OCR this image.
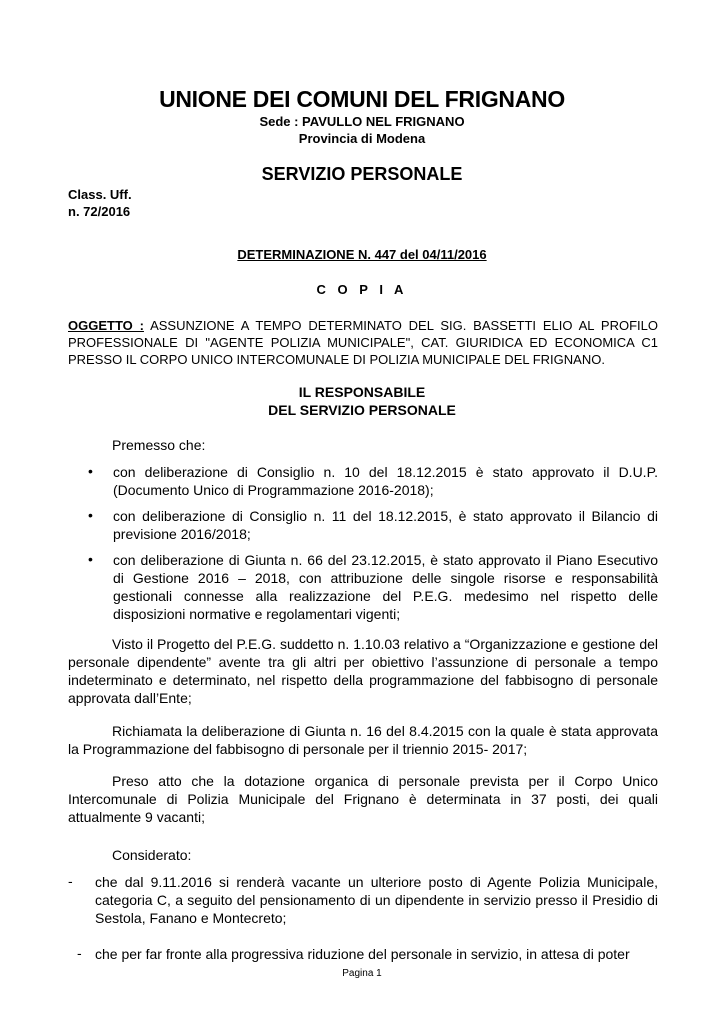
UNIONE DEI COMUNI DEL FRIGNANO
Sede : PAVULLO NEL FRIGNANO
Provincia di Modena
SERVIZIO PERSONALE
Class. Uff.
n. 72/2016
DETERMINAZIONE N. 447 del 04/11/2016
C O P I A
OGGETTO : ASSUNZIONE A TEMPO DETERMINATO DEL SIG. BASSETTI ELIO AL PROFILO PROFESSIONALE DI "AGENTE POLIZIA MUNICIPALE", CAT. GIURIDICA ED ECONOMICA C1 PRESSO IL CORPO UNICO INTERCOMUNALE DI POLIZIA MUNICIPALE DEL FRIGNANO.
IL RESPONSABILE
DEL SERVIZIO PERSONALE
Premesso che:
• con deliberazione di Consiglio n. 10 del 18.12.2015 è stato approvato il D.U.P. (Documento Unico di Programmazione 2016-2018);
• con deliberazione di Consiglio n. 11 del 18.12.2015, è stato approvato il Bilancio di previsione 2016/2018;
• con deliberazione di Giunta n. 66 del 23.12.2015, è stato approvato il Piano Esecutivo di Gestione 2016 – 2018, con attribuzione delle singole risorse e responsabilità gestionali connesse alla realizzazione del P.E.G. medesimo nel rispetto delle disposizioni normative e regolamentari vigenti;
Visto il Progetto del P.E.G. suddetto n. 1.10.03 relativo a “Organizzazione e gestione del personale dipendente” avente tra gli altri per obiettivo l’assunzione di personale a tempo indeterminato e determinato, nel rispetto della programmazione del fabbisogno di personale approvata dall’Ente;
Richiamata la deliberazione di Giunta n. 16 del 8.4.2015 con la quale è stata approvata la Programmazione del fabbisogno di personale per il triennio 2015- 2017;
Preso atto che la dotazione organica di personale prevista per il Corpo Unico Intercomunale di Polizia Municipale del Frignano è determinata in 37 posti, dei quali attualmente 9 vacanti;
Considerato:
- che dal 9.11.2016 si renderà vacante un ulteriore posto di Agente Polizia Municipale, categoria C, a seguito del pensionamento di un dipendente in servizio presso il Presidio di Sestola, Fanano e Montecreto;
- che per far fronte alla progressiva riduzione del personale in servizio, in attesa di poter
Pagina 1
